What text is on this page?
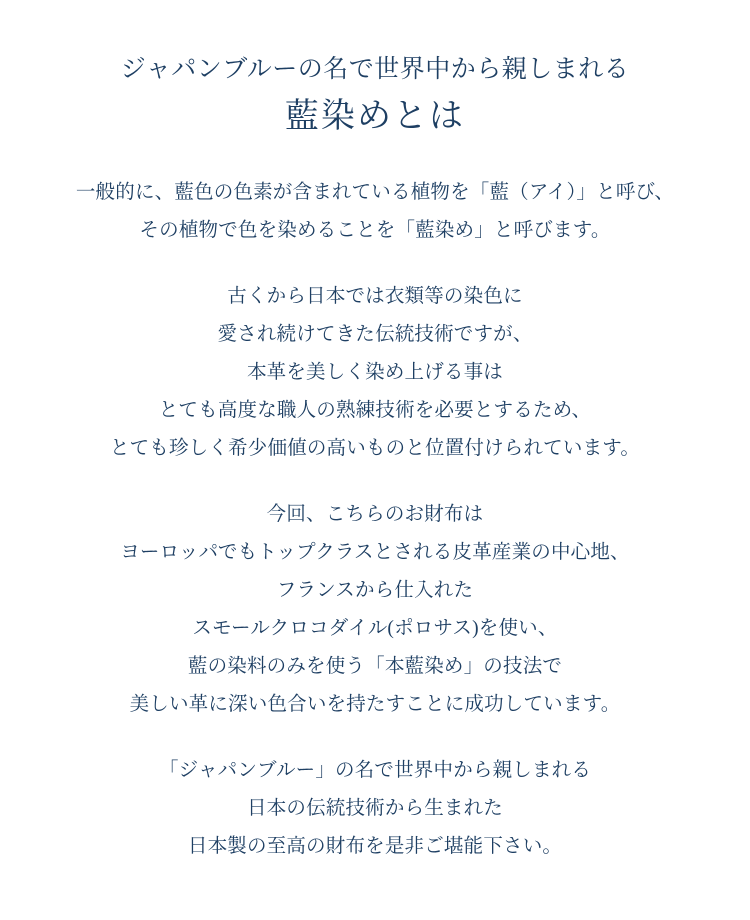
ジャパンブルーの名で世界中から親しまれる

藍染めとは

一般的に、藍色の色素が含まれている植物を「藍（アイ）」と呼び、
その植物で色を染めることを「藍染め」と呼びます。

古くから日本では衣類等の染色に
愛され続けてきた伝統技術ですが、
本革を美しく染め上げる事は
とても高度な職人の熟練技術を必要とするため、
とても珍しく希少価値の高いものと位置付けられています。

今回、こちらのお財布は
ヨーロッパでもトップクラスとされる皮革産業の中心地、
フランスから仕入れた
スモールクロコダイル(ポロサス)を使い、
藍の染料のみを使う「本藍染め」の技法で
美しい革に深い色合いを持たすことに成功しています。

「ジャパンブルー」の名で世界中から親しまれる
日本の伝統技術から生まれた
日本製の至高の財布を是非ご堪能下さい。
